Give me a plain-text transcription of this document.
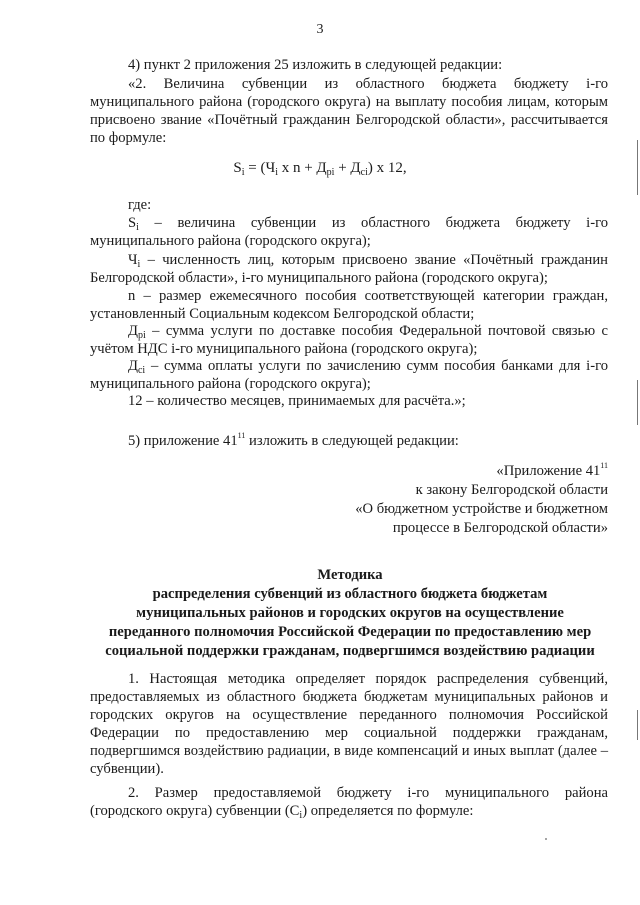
3

4) пункт 2 приложения 25 изложить в следующей редакции:

«2. Величина субвенции из областного бюджета бюджету i-го муниципального района (городского округа) на выплату пособия лицам, которым присвоено звание «Почётный гражданин Белгородской области», рассчитывается по формуле:

$S_i = (Ч_i$ x $n + Д_{pi} + Д_{ci}$) x 12,

где:

$S_i$ – величина субвенции из областного бюджета бюджету i-го муниципального района (городского округа);

$Ч_i$ – численность лиц, которым присвоено звание «Почётный гражданин Белгородской области», i-го муниципального района (городского округа);

n – размер ежемесячного пособия соответствующей категории граждан, установленный Социальным кодексом Белгородской области;

$Д_{pi}$ – сумма услуги по доставке пособия Федеральной почтовой связью с учётом НДС i-го муниципального района (городского округа);

$Д_{ci}$ – сумма оплаты услуги по зачислению сумм пособия банками для i-го муниципального района (городского округа);

12 – количество месяцев, принимаемых для расчёта.»;

5) приложение $41^{11}$ изложить в следующей редакции:

«Приложение $41^{11}$
к закону Белгородской области
«О бюджетном устройстве и бюджетном
процессе в Белгородской области»

Методика

распределения субвенций из областного бюджета бюджетам
муниципальных районов и городских округов на осуществление
переданного полномочия Российской Федерации по предоставлению мер
социальной поддержки гражданам, подвергшимся воздействию радиации

1. Настоящая методика определяет порядок распределения субвенций, предоставляемых из областного бюджета бюджетам муниципальных районов и городских округов на осуществление переданного полномочия Российской Федерации по предоставлению мер социальной поддержки гражданам, подвергшимся воздействию радиации, в виде компенсаций и иных выплат (далее – субвенции).

2. Размер предоставляемой бюджету i-го муниципального района (городского округа) субвенции $(C_i)$ определяется по формуле:
